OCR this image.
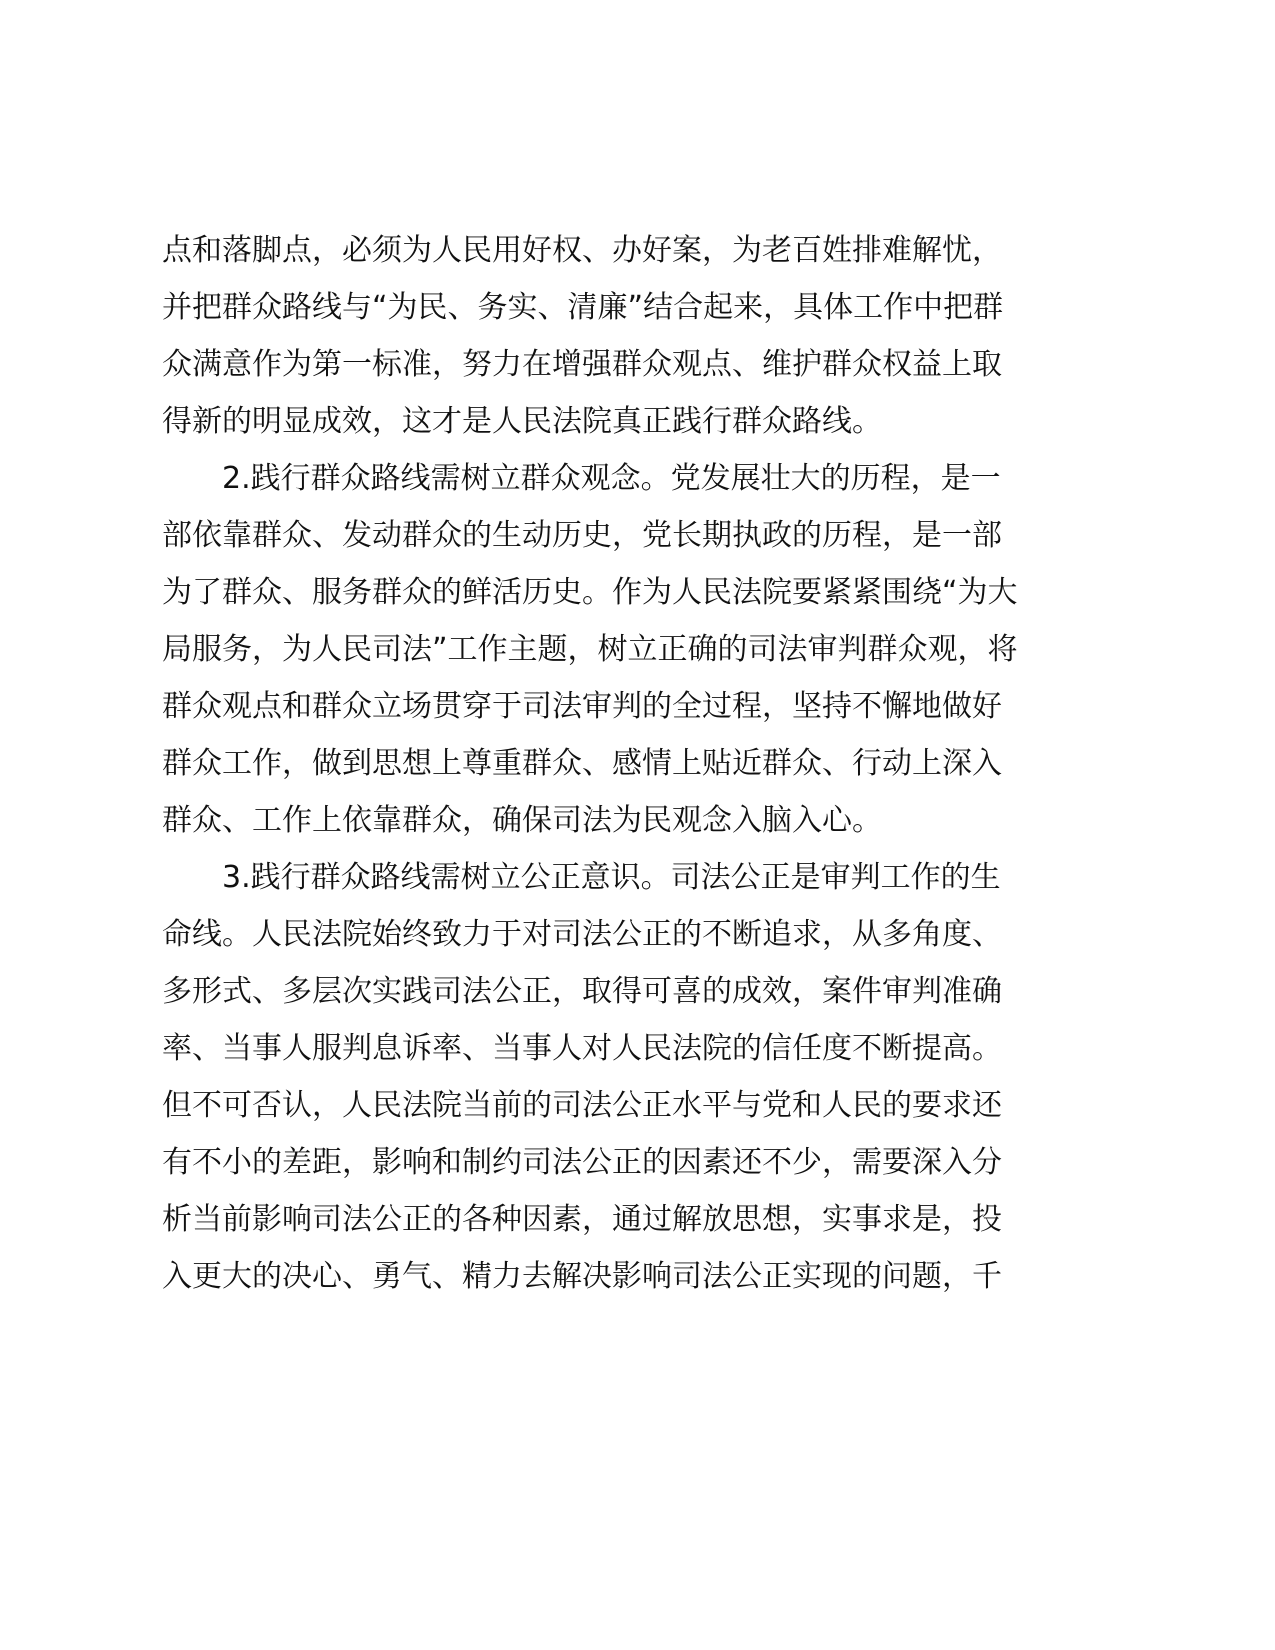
点和落脚点，必须为人民用好权、办好案，为老百姓排难解忧，
并把群众路线与“为民、务实、清廉”结合起来，具体工作中把群
众满意作为第一标准，努力在增强群众观点、维护群众权益上取
得新的明显成效，这才是人民法院真正践行群众路线。
　　2.践行群众路线需树立群众观念。党发展壮大的历程，是一
部依靠群众、发动群众的生动历史，党长期执政的历程，是一部
为了群众、服务群众的鲜活历史。作为人民法院要紧紧围绕“为大
局服务，为人民司法”工作主题，树立正确的司法审判群众观，将
群众观点和群众立场贯穿于司法审判的全过程，坚持不懈地做好
群众工作，做到思想上尊重群众、感情上贴近群众、行动上深入
群众、工作上依靠群众，确保司法为民观念入脑入心。
　　3.践行群众路线需树立公正意识。司法公正是审判工作的生
命线。人民法院始终致力于对司法公正的不断追求，从多角度、
多形式、多层次实践司法公正，取得可喜的成效，案件审判准确
率、当事人服判息诉率、当事人对人民法院的信任度不断提高。
但不可否认，人民法院当前的司法公正水平与党和人民的要求还
有不小的差距，影响和制约司法公正的因素还不少，需要深入分
析当前影响司法公正的各种因素，通过解放思想，实事求是，投
入更大的决心、勇气、精力去解决影响司法公正实现的问题，千
